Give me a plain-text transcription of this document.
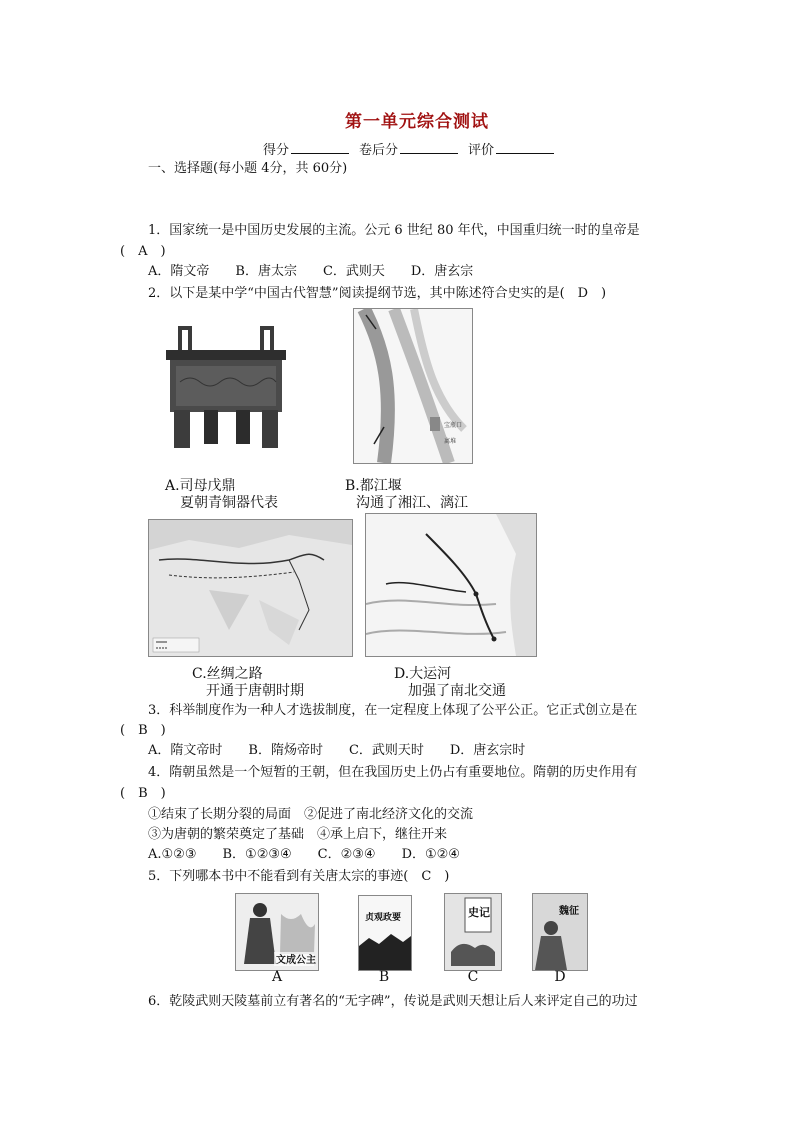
第一单元综合测试
得分	卷后分	评价
一、选择题(每小题 4分，共 60分)
1．国家统一是中国历史发展的主流。公元 6 世纪 80 年代，中国重归统一时的皇帝是
(　A　)
A．隋文帝　　B．唐太宗　　C．武则天　　D．唐玄宗
2．以下是某中学“中国古代智慧”阅读提纲节选，其中陈述符合史实的是(　D　)
宝瓶口
离堆
A.司母戊鼎
夏朝青铜器代表
B.都江堰
沟通了湘江、漓江
C.丝绸之路
开通于唐朝时期
D.大运河
加强了南北交通
3．科举制度作为一种人才选拔制度，在一定程度上体现了公平公正。它正式创立是在
(　B　)
A．隋文帝时　　B．隋炀帝时　　C．武则天时　　D．唐玄宗时
4．隋朝虽然是一个短暂的王朝，但在我国历史上仍占有重要地位。隋朝的历史作用有
(　B　)
①结束了长期分裂的局面　②促进了南北经济文化的交流
③为唐朝的繁荣奠定了基础　④承上启下，继往开来
A.①②③　　B．①②③④　　C．②③④　　D．①②④
5．下列哪本书中不能看到有关唐太宗的事迹(　C　)
文成公主
贞观政要	史记	魏征
A	B	C	D
6．乾陵武则天陵墓前立有著名的“无字碑”，传说是武则天想让后人来评定自己的功过
